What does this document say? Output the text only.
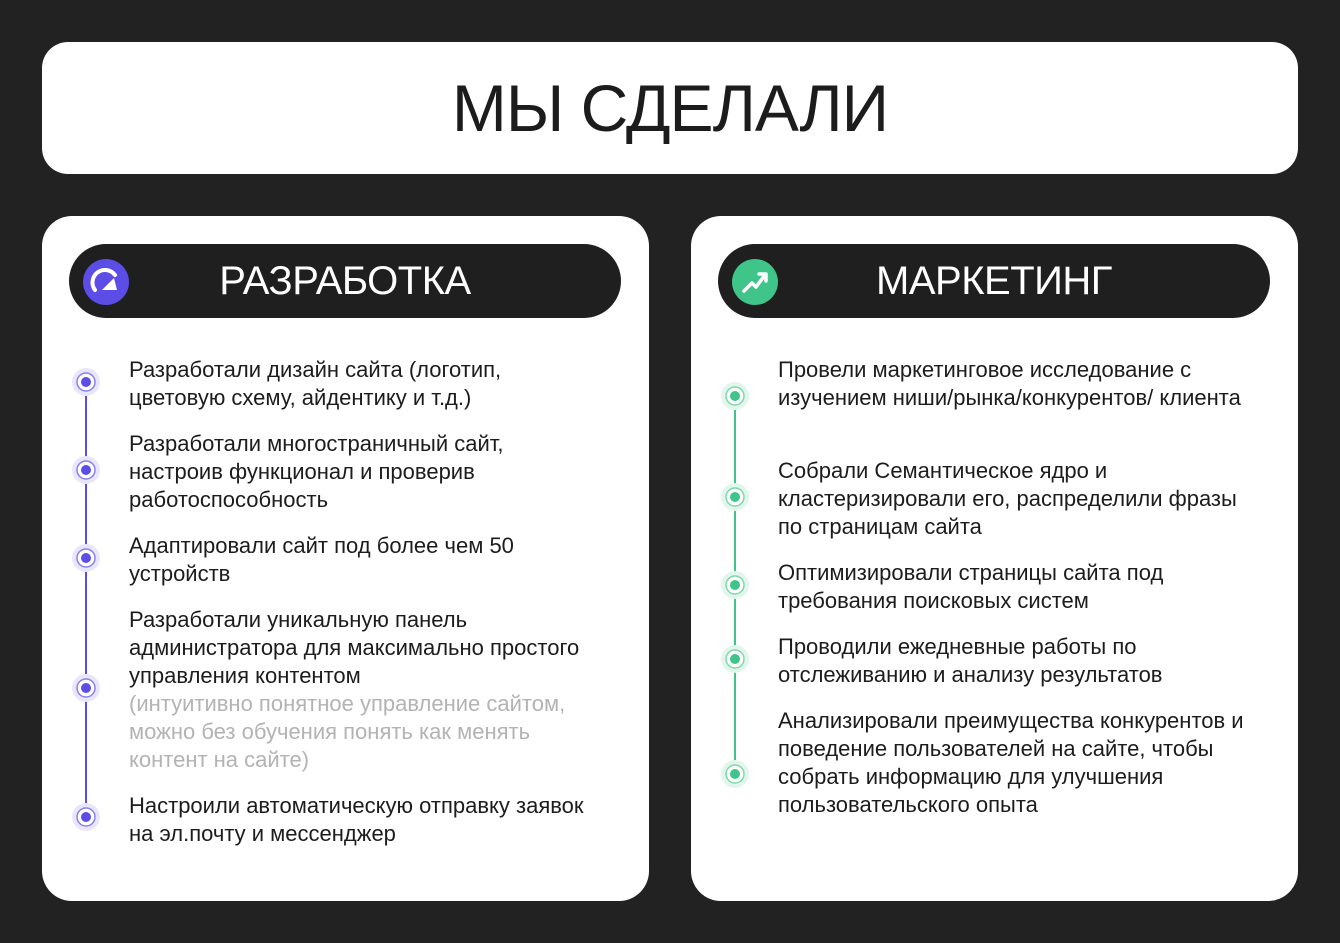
МЫ СДЕЛАЛИ
РАЗРАБОТКА
Разработали дизайн сайта (логотип, цветовую схему, айдентику и т.д.)
Разработали многостраничный сайт, настроив функционал и проверив работоспособность
Адаптировали сайт под более чем 50 устройств
Разработали уникальную панель администратора для максимально простого управления контентом
(интуитивно понятное управление сайтом, можно без обучения понять как менять контент на сайте)
Настроили автоматическую отправку заявок на эл.почту и мессенджер
МАРКЕТИНГ
Провели маркетинговое исследование с изучением ниши/рынка/конкурентов/ клиента
Собрали Семантическое ядро и кластеризировали его, распределили фразы по страницам сайта
Оптимизировали страницы сайта под требования поисковых систем
Проводили ежедневные работы по отслеживанию и анализу результатов
Анализировали преимущества конкурентов и поведение пользователей на сайте, чтобы собрать информацию для улучшения пользовательского опыта
